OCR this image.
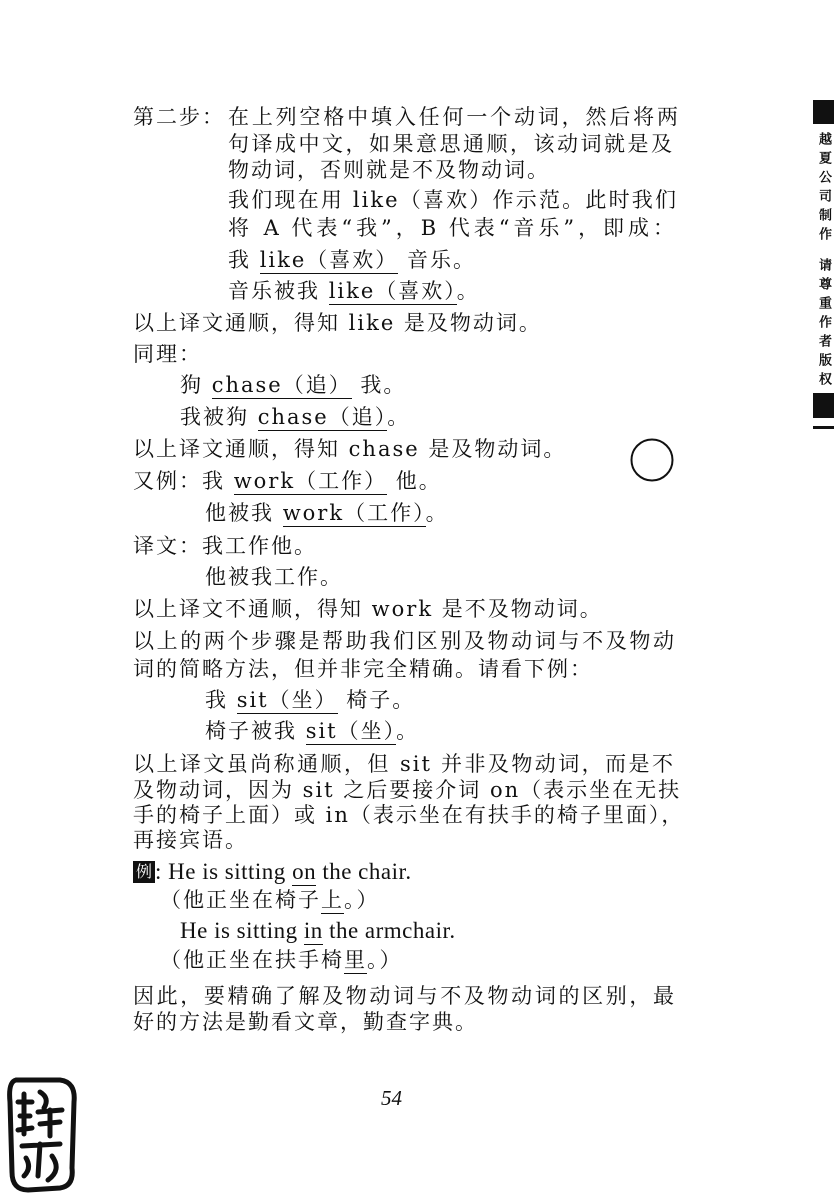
越夏公司制作
请尊重作者版权
第二步： 在上列空格中填入任何一个动词，然后将两
句译成中文，如果意思通顺，该动词就是及
物动词，否则就是不及物动词。
我们现在用 like（喜欢）作示范。此时我们
将 A 代表“我”，B 代表“音乐”，即成：
我 like（喜欢） 音乐。
音乐被我 like（喜欢）。
以上译文通顺，得知 like 是及物动词。
同理：
狗 chase（追） 我。
我被狗 chase（追）。
以上译文通顺，得知 chase 是及物动词。
又例：我 work（工作） 他。
他被我 work（工作）。
译文：我工作他。
他被我工作。
以上译文不通顺，得知 work 是不及物动词。
以上的两个步骤是帮助我们区别及物动词与不及物动
词的简略方法，但并非完全精确。请看下例：
我 sit（坐） 椅子。
椅子被我 sit（坐）。
以上译文虽尚称通顺，但 sit 并非及物动词，而是不
及物动词，因为 sit 之后要接介词 on（表示坐在无扶
手的椅子上面）或 in（表示坐在有扶手的椅子里面），
再接宾语。
例 : He is sitting on the chair.
（他正坐在椅子上。）
He is sitting in the armchair.
（他正坐在扶手椅里。）
因此，要精确了解及物动词与不及物动词的区别，最
好的方法是勤看文章，勤查字典。
54
